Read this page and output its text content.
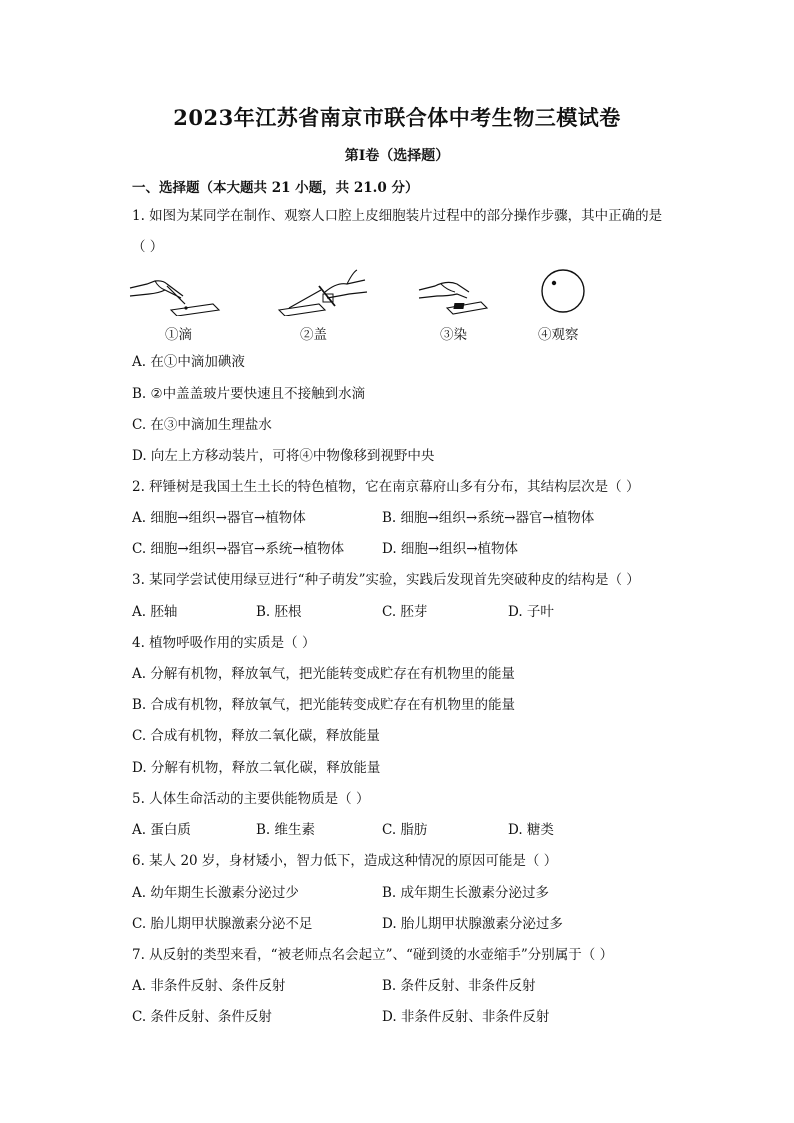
2023年江苏省南京市联合体中考生物三模试卷
第Ⅰ卷（选择题）
一、选择题（本大题共 21 小题，共 21.0 分）
1. 如图为某同学在制作、观察人口腔上皮细胞装片过程中的部分操作步骤，其中正确的是
（ ）
①滴	②盖	③染	④观察
A. 在①中滴加碘液
B. ②中盖盖玻片要快速且不接触到水滴
C. 在③中滴加生理盐水
D. 向左上方移动装片，可将④中物像移到视野中央
2. 秤锤树是我国土生土长的特色植物，它在南京幕府山多有分布，其结构层次是（ ）
A. 细胞→组织→器官→植物体	B. 细胞→组织→系统→器官→植物体
C. 细胞→组织→器官→系统→植物体	D. 细胞→组织→植物体
3. 某同学尝试使用绿豆进行“种子萌发”实验，实践后发现首先突破种皮的结构是（ ）
A. 胚轴	B. 胚根	C. 胚芽	D. 子叶
4. 植物呼吸作用的实质是（ ）
A. 分解有机物，释放氧气，把光能转变成贮存在有机物里的能量
B. 合成有机物，释放氧气，把光能转变成贮存在有机物里的能量
C. 合成有机物，释放二氧化碳，释放能量
D. 分解有机物，释放二氧化碳，释放能量
5. 人体生命活动的主要供能物质是（ ）
A. 蛋白质	B. 维生素	C. 脂肪	D. 糖类
6. 某人 20 岁，身材矮小，智力低下，造成这种情况的原因可能是（ ）
A. 幼年期生长激素分泌过少	B. 成年期生长激素分泌过多
C. 胎儿期甲状腺激素分泌不足	D. 胎儿期甲状腺激素分泌过多
7. 从反射的类型来看，“被老师点名会起立”、“碰到烫的水壶缩手”分别属于（ ）
A. 非条件反射、条件反射	B. 条件反射、非条件反射
C. 条件反射、条件反射	D. 非条件反射、非条件反射
